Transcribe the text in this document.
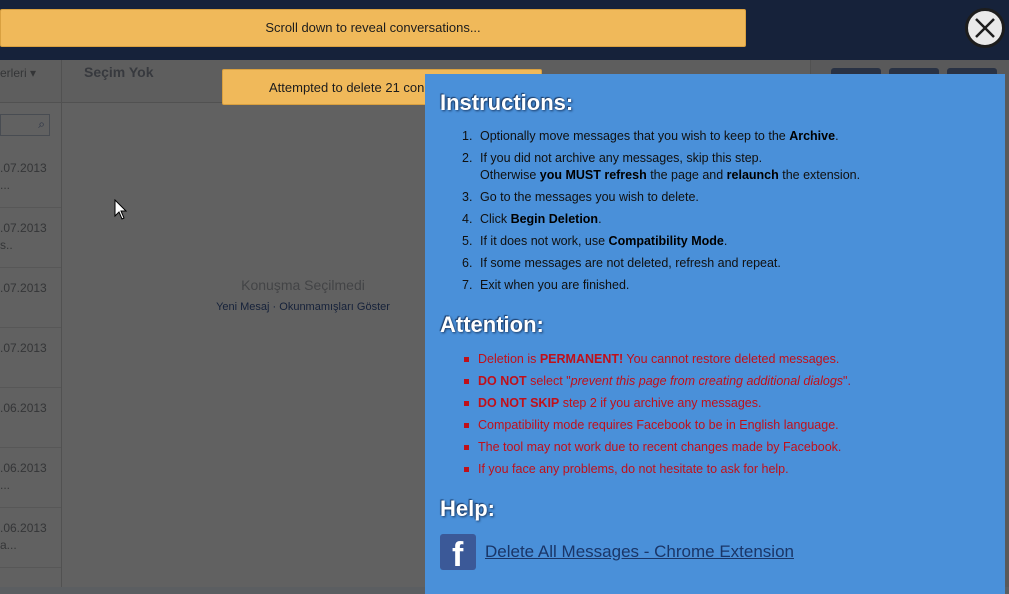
Scroll down to reveal conversations...
Attempted to delete 21 con
Instructions:
1. Optionally move messages that you wish to keep to the Archive.
2. If you did not archive any messages, skip this step.
Otherwise you MUST refresh the page and relaunch the extension.
3. Go to the messages you wish to delete.
4. Click Begin Deletion.
5. If it does not work, use Compatibility Mode.
6. If some messages are not deleted, refresh and repeat.
7. Exit when you are finished.
Attention:
Deletion is PERMANENT! You cannot restore deleted messages.
DO NOT select "prevent this page from creating additional dialogs".
DO NOT SKIP step 2 if you archive any messages.
Compatibility mode requires Facebook to be in English language.
The tool may not work due to recent changes made by Facebook.
If you face any problems, do not hesitate to ask for help.
Help:
f Delete All Messages - Chrome Extension
